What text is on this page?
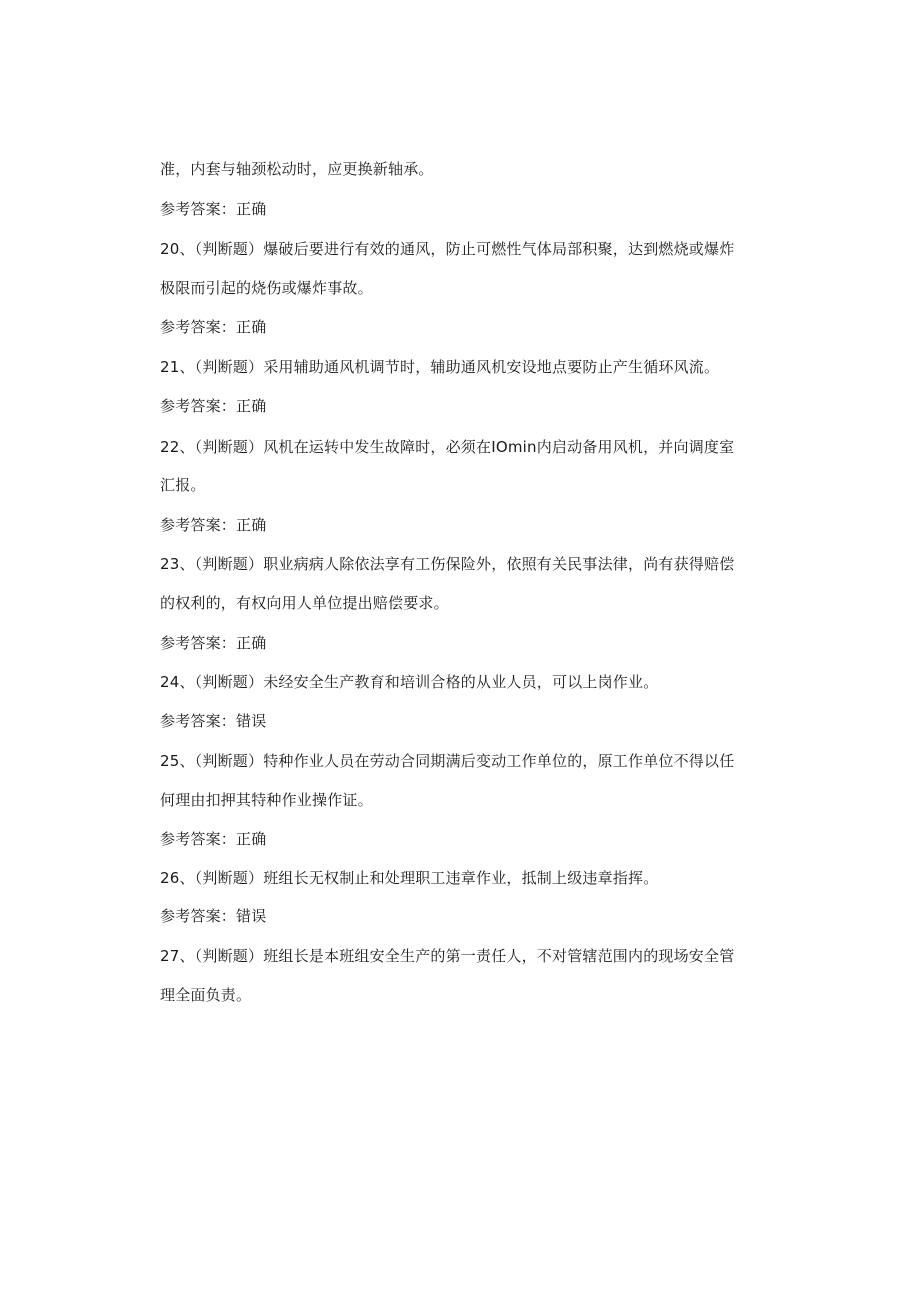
准，内套与轴颈松动时，应更换新轴承。
参考答案：正确
20、（判断题）爆破后要进行有效的通风，防止可燃性气体局部积聚，达到燃烧或爆炸
极限而引起的烧伤或爆炸事故。
参考答案：正确
21、（判断题）采用辅助通风机调节时，辅助通风机安设地点要防止产生循环风流。
参考答案：正确
22、（判断题）风机在运转中发生故障时，必须在IOmin内启动备用风机，并向调度室
汇报。
参考答案：正确
23、（判断题）职业病病人除依法享有工伤保险外，依照有关民事法律，尚有获得赔偿
的权利的，有权向用人单位提出赔偿要求。
参考答案：正确
24、（判断题）未经安全生产教育和培训合格的从业人员，可以上岗作业。
参考答案：错误
25、（判断题）特种作业人员在劳动合同期满后变动工作单位的，原工作单位不得以任
何理由扣押其特种作业操作证。
参考答案：正确
26、（判断题）班组长无权制止和处理职工违章作业，抵制上级违章指挥。
参考答案：错误
27、（判断题）班组长是本班组安全生产的第一责任人，不对管辖范围内的现场安全管
理全面负责。
